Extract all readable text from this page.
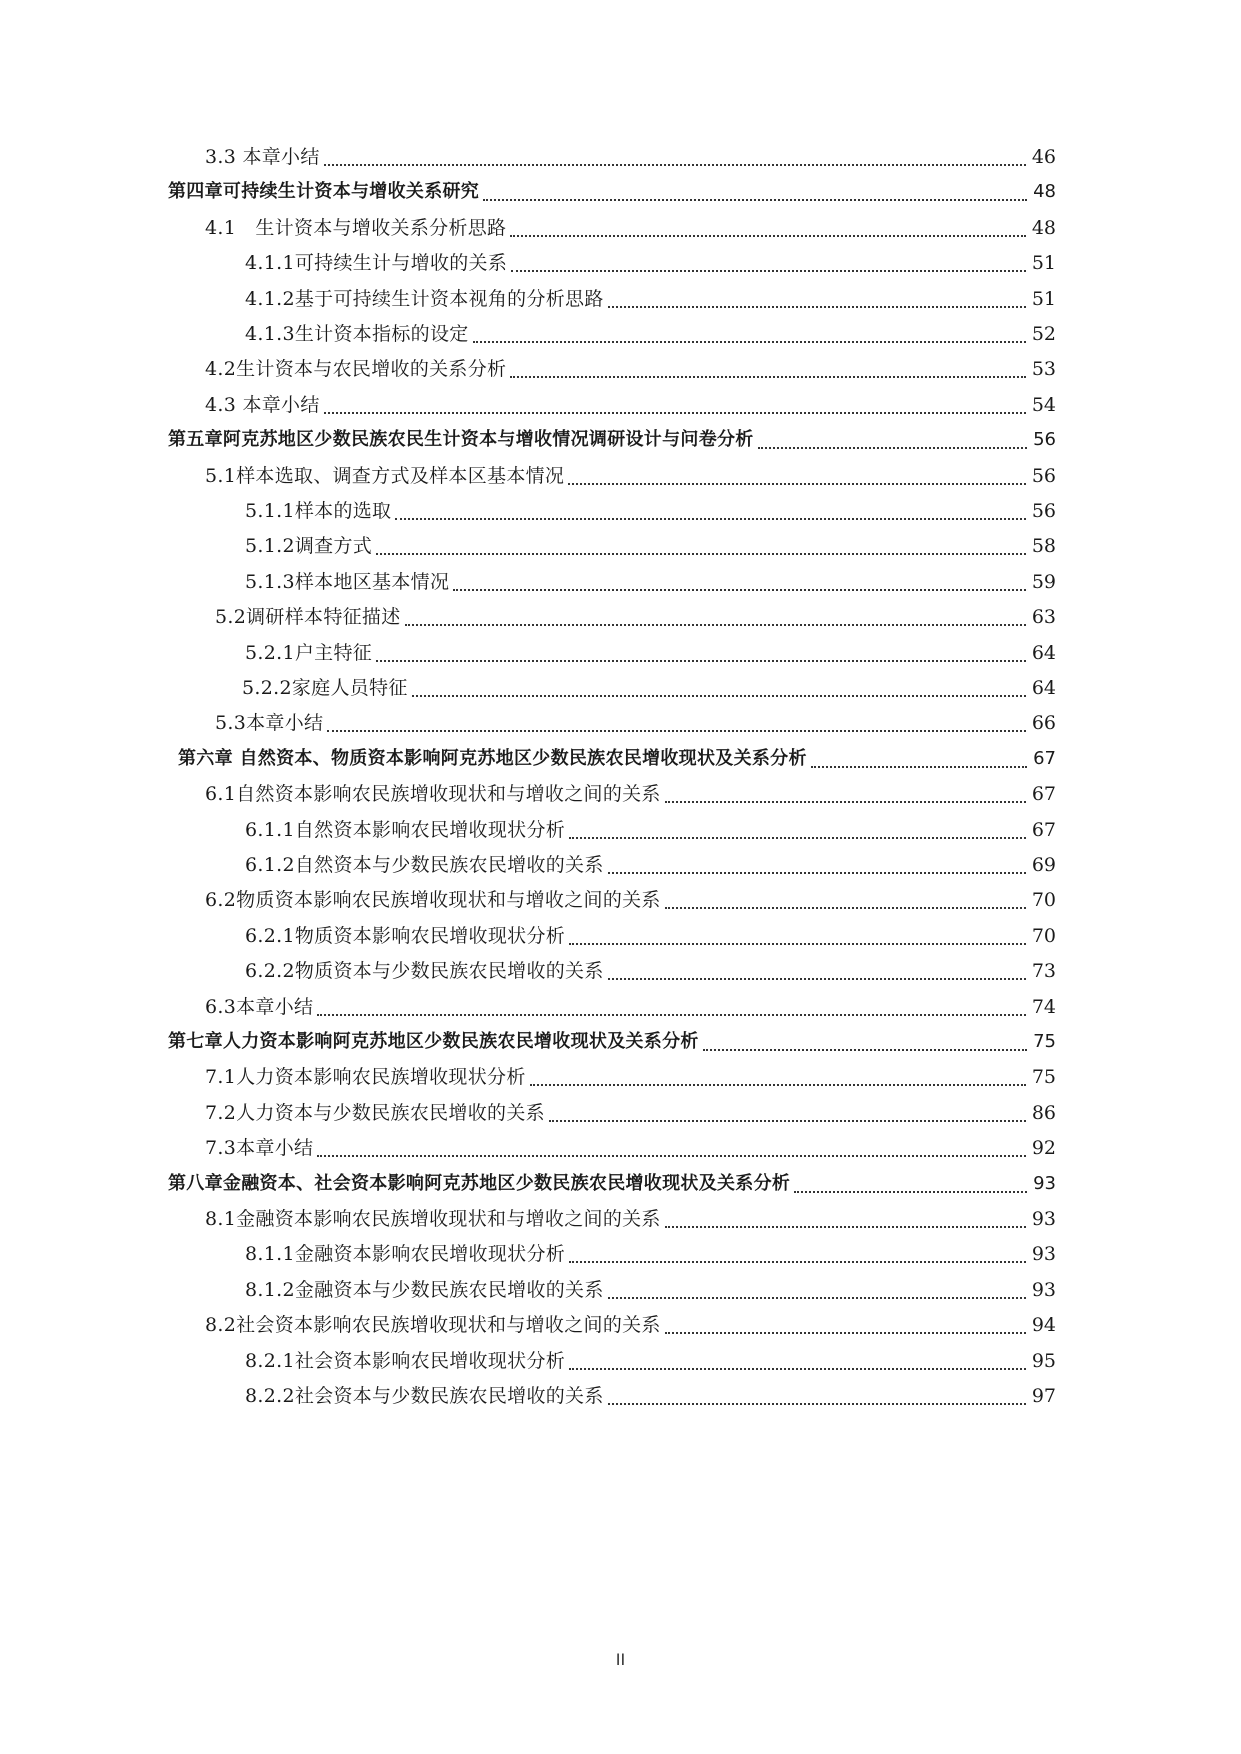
3.3 本章小结	46
第四章可持续生计资本与增收关系研究	48
4.1　生计资本与增收关系分析思路	48
4.1.1可持续生计与增收的关系	51
4.1.2基于可持续生计资本视角的分析思路	51
4.1.3生计资本指标的设定	52
4.2生计资本与农民增收的关系分析	53
4.3 本章小结	54
第五章阿克苏地区少数民族农民生计资本与增收情况调研设计与问卷分析	56
5.1样本选取、调查方式及样本区基本情况	56
5.1.1样本的选取	56
5.1.2调查方式	58
5.1.3样本地区基本情况	59
5.2调研样本特征描述	63
5.2.1户主特征	64
5.2.2家庭人员特征	64
5.3本章小结	66
第六章 自然资本、物质资本影响阿克苏地区少数民族农民增收现状及关系分析	67
6.1自然资本影响农民族增收现状和与增收之间的关系	67
6.1.1自然资本影响农民增收现状分析	67
6.1.2自然资本与少数民族农民增收的关系	69
6.2物质资本影响农民族增收现状和与增收之间的关系	70
6.2.1物质资本影响农民增收现状分析	70
6.2.2物质资本与少数民族农民增收的关系	73
6.3本章小结	74
第七章人力资本影响阿克苏地区少数民族农民增收现状及关系分析	75
7.1人力资本影响农民族增收现状分析	75
7.2人力资本与少数民族农民增收的关系	86
7.3本章小结	92
第八章金融资本、社会资本影响阿克苏地区少数民族农民增收现状及关系分析	93
8.1金融资本影响农民族增收现状和与增收之间的关系	93
8.1.1金融资本影响农民增收现状分析	93
8.1.2金融资本与少数民族农民增收的关系	93
8.2社会资本影响农民族增收现状和与增收之间的关系	94
8.2.1社会资本影响农民增收现状分析	95
8.2.2社会资本与少数民族农民增收的关系	97
II
